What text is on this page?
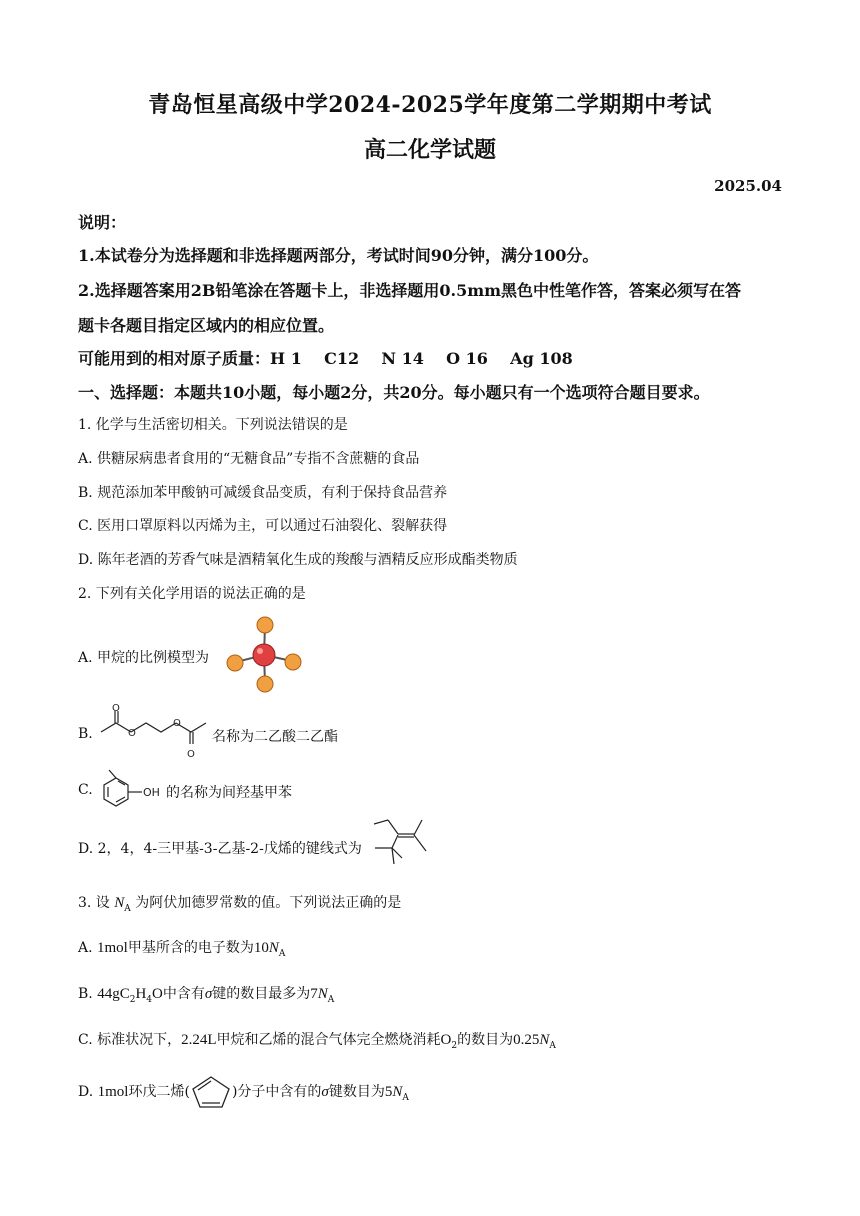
青岛恒星高级中学2024-2025学年度第二学期期中考试
高二化学试题
2025.04
说明：
1.本试卷分为选择题和非选择题两部分，考试时间90分钟，满分100分。
2.选择题答案用2B铅笔涂在答题卡上，非选择题用0.5mm黑色中性笔作答，答案必须写在答
题卡各题目指定区域内的相应位置。
可能用到的相对原子质量：H 1    C12    N 14    O 16    Ag 108
一、选择题：本题共10小题，每小题2分，共20分。每小题只有一个选项符合题目要求。
1. 化学与生活密切相关。下列说法错误的是
A. 供糖尿病患者食用的“无糖食品”专指不含蔗糖的食品
B. 规范添加苯甲酸钠可减缓食品变质，有利于保持食品营养
C. 医用口罩原料以丙烯为主，可以通过石油裂化、裂解获得
D. 陈年老酒的芳香气味是酒精氧化生成的羧酸与酒精反应形成酯类物质
2. 下列有关化学用语的说法正确的是
A. 甲烷的比例模型为
B.
O
O
O
O
名称为二乙酸二乙酯
C.	OH 的名称为间羟基甲苯
D. 2，4，4-三甲基-3-乙基-2-戊烯的键线式为
3. 设 $N_A$ 为阿伏加德罗常数的值。下列说法正确的是
A. 1mol甲基所含的电子数为$10N_A$
B. $44gC_2H_4O$中含有σ键的数目最多为$7N_A$
C. 标准状况下，2.24L甲烷和乙烯的混合气体完全燃烧消耗$O_2$的数目为$0.25N_A$
D. 1mol环戊二烯(	)分子中含有的σ键数目为$5N_A$
